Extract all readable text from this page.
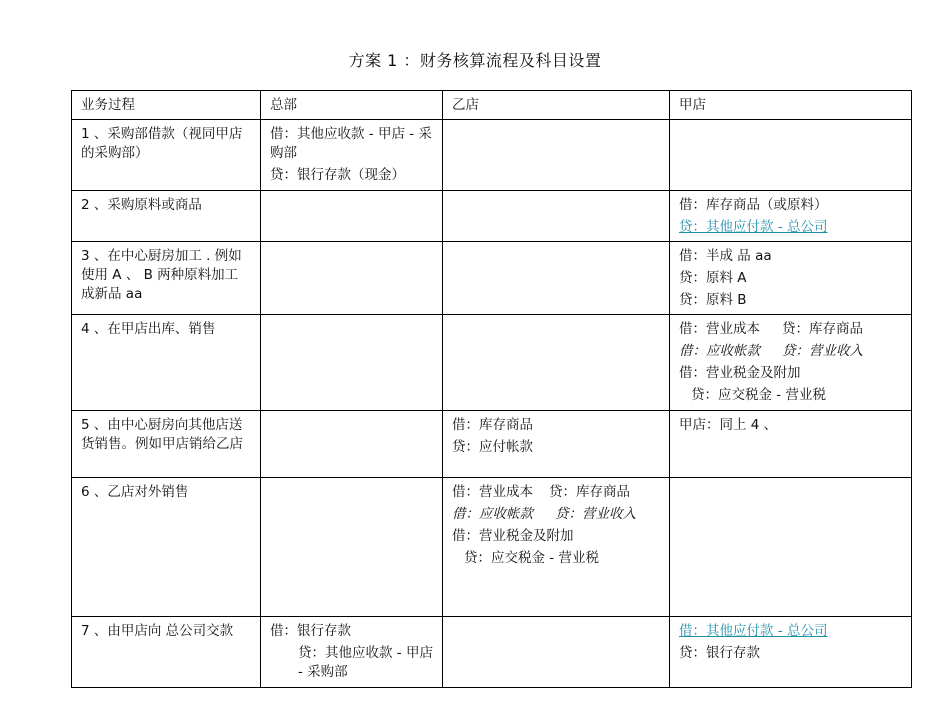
方案 1 ：财务核算流程及科目设置
业务过程	总部	乙店	甲店
1 、采购部借款（视同甲店的采购部）	借：其他应收款 - 甲店 - 采购部
贷：银行存款（现金）		

2 、采购原料或商品			借：库存商品（或原料）
贷：其他应付款 - 总公司

3 、在中心厨房加工 . 例如使用 A 、 B 两种原料加工成新品 aa			借：半成 品 aa
贷：原料 A
贷：原料 B

4 、在甲店出库、销售			借：营业成本 贷：库存商品
借：应收帐款 贷：营业收入
借：营业税金及附加
贷：应交税金 - 营业税

5 、由中心厨房向其他店送货销售。例如甲店销给乙店		借：库存商品
贷：应付帐款	甲店：同上 4 、

6 、乙店对外销售		借：营业成本 贷：库存商品
借：应收帐款 贷：营业收入
借：营业税金及附加
贷：应交税金 - 营业税	

7 、由甲店向 总公司交款	借：银行存款
贷：其他应收款 - 甲店 - 采购部		借：其他应付款 - 总公司
贷：银行存款
